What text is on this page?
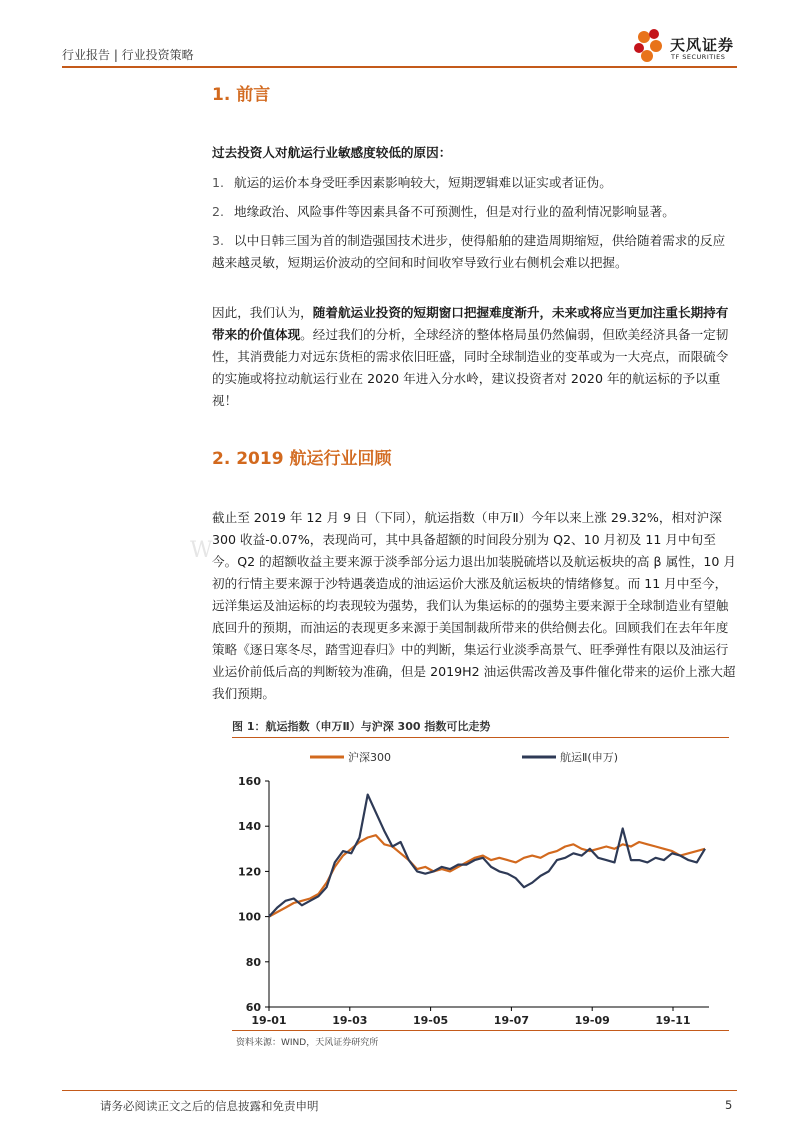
行业报告 | 行业投资策略
天风证券
TF SECURITIES
W
1. 前言
过去投资人对航运行业敏感度较低的原因：
1. 航运的运价本身受旺季因素影响较大，短期逻辑难以证实或者证伪。
2. 地缘政治、风险事件等因素具备不可预测性，但是对行业的盈利情况影响显著。
3. 以中日韩三国为首的制造强国技术进步，使得船舶的建造周期缩短，供给随着需求的反应越来越灵敏，短期运价波动的空间和时间收窄导致行业右侧机会难以把握。
因此，我们认为，随着航运业投资的短期窗口把握难度渐升，未来或将应当更加注重长期持有带来的价值体现。经过我们的分析，全球经济的整体格局虽仍然偏弱，但欧美经济具备一定韧性，其消费能力对远东货柜的需求依旧旺盛，同时全球制造业的变革或为一大亮点，而限硫令的实施或将拉动航运行业在 2020 年进入分水岭，建议投资者对 2020 年的航运标的予以重视！
2. 2019 航运行业回顾
截止至 2019 年 12 月 9 日（下同），航运指数（申万Ⅱ）今年以来上涨 29.32%，相对沪深 300 收益-0.07%，表现尚可，其中具备超额的时间段分别为 Q2、10 月初及 11 月中旬至今。Q2 的超额收益主要来源于淡季部分运力退出加装脱硫塔以及航运板块的高 β 属性，10 月初的行情主要来源于沙特遇袭造成的油运运价大涨及航运板块的情绪修复。而 11 月中至今，远洋集运及油运标的均表现较为强势，我们认为集运标的的强势主要来源于全球制造业有望触底回升的预期，而油运的表现更多来源于美国制裁所带来的供给侧去化。回顾我们在去年年度策略《逐日寒冬尽，踏雪迎春归》中的判断，集运行业淡季高景气、旺季弹性有限以及油运行业运价前低后高的判断较为准确，但是 2019H2 油运供需改善及事件催化带来的运价上涨大超我们预期。
图 1：航运指数（申万Ⅱ）与沪深 300 指数可比走势
沪深300	航运Ⅱ(申万)
60
80
100
120
140
160
19-01	19-03	19-05	19-07	19-09	19-11
资料来源：WIND，天风证券研究所
请务必阅读正文之后的信息披露和免责申明	5
